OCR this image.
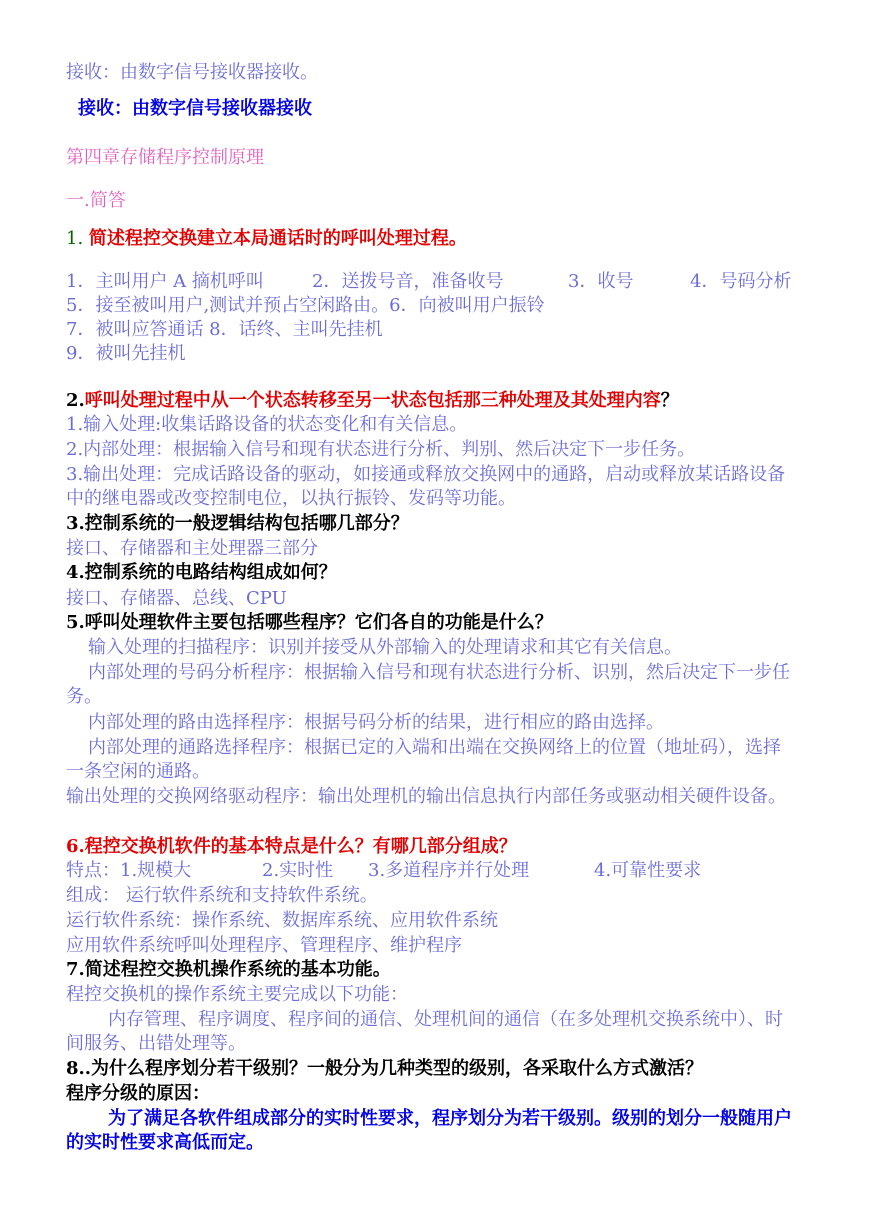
接收：由数字信号接收器接收。
接收：由数字信号接收器接收
第四章存储程序控制原理
一.简答
1. 简述程控交换建立本局通话时的呼叫处理过程。
1．主叫用户 A 摘机呼叫	2．送拨号音，准备收号	3．收号	4．号码分析
5．接至被叫用户,测试并预占空闲路由。6．向被叫用户振铃
7．被叫应答通话 8．话终、主叫先挂机
9．被叫先挂机
2.呼叫处理过程中从一个状态转移至另一状态包括那三种处理及其处理内容？
1.输入处理:收集话路设备的状态变化和有关信息。
2.内部处理：根据输入信号和现有状态进行分析、判别、然后决定下一步任务。
3.输出处理：完成话路设备的驱动，如接通或释放交换网中的通路，启动或释放某话路设备中的继电器或改变控制电位，以执行振铃、发码等功能。
3.控制系统的一般逻辑结构包括哪几部分？
接口、存储器和主处理器三部分
4.控制系统的电路结构组成如何？
接口、存储器、总线、CPU
5.呼叫处理软件主要包括哪些程序？它们各自的功能是什么？
输入处理的扫描程序：识别并接受从外部输入的处理请求和其它有关信息。
内部处理的号码分析程序：根据输入信号和现有状态进行分析、识别，然后决定下一步任务。
内部处理的路由选择程序：根据号码分析的结果，进行相应的路由选择。
内部处理的通路选择程序：根据已定的入端和出端在交换网络上的位置（地址码），选择一条空闲的通路。
输出处理的交换网络驱动程序：输出处理机的输出信息执行内部任务或驱动相关硬件设备。
6.程控交换机软件的基本特点是什么？有哪几部分组成？
特点：1.规模大	2.实时性 3.多道程序并行处理	4.可靠性要求
组成： 运行软件系统和支持软件系统。
运行软件系统：操作系统、数据库系统、应用软件系统
应用软件系统呼叫处理程序、管理程序、维护程序
7.简述程控交换机操作系统的基本功能。
程控交换机的操作系统主要完成以下功能：
内存管理、程序调度、程序间的通信、处理机间的通信（在多处理机交换系统中）、时间服务、出错处理等。
8..为什么程序划分若干级别？一般分为几种类型的级别，各采取什么方式激活？
程序分级的原因：
为了满足各软件组成部分的实时性要求，程序划分为若干级别。级别的划分一般随用户的实时性要求高低而定。
